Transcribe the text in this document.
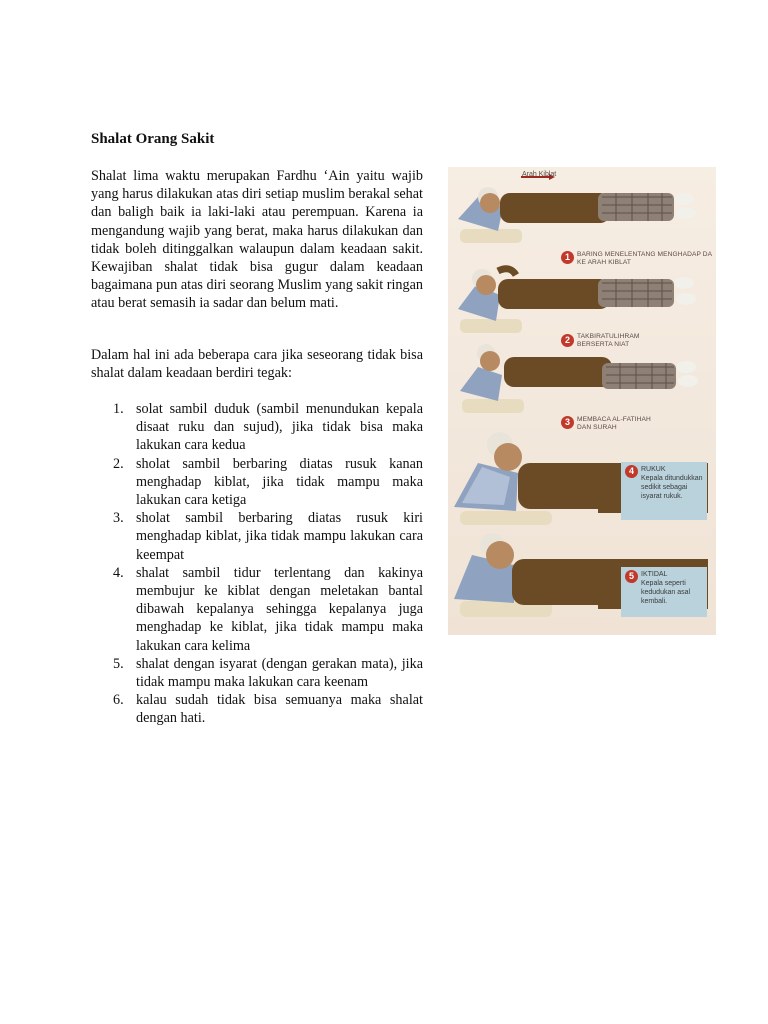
Shalat Orang Sakit

Shalat lima waktu merupakan Fardhu ‘Ain yaitu wajib yang harus dilakukan atas diri setiap muslim berakal sehat dan baligh baik ia laki-laki atau perempuan. Karena ia mengandung wajib yang berat, maka harus dilakukan dan tidak boleh ditinggalkan walaupun dalam keadaan sakit. Kewajiban shalat tidak bisa gugur dalam keadaan bagaimana pun atas diri seorang Muslim yang sakit ringan atau berat semasih ia sadar dan belum mati.

Dalam hal ini ada beberapa cara jika seseorang tidak bisa shalat dalam keadaan berdiri tegak:

1. solat sambil duduk (sambil menundukan kepala disaat ruku dan sujud), jika tidak bisa maka lakukan cara kedua
2. sholat sambil berbaring diatas rusuk kanan menghadap kiblat, jika tidak mampu maka lakukan cara ketiga
3. sholat sambil berbaring diatas rusuk kiri menghadap kiblat, jika tidak mampu lakukan cara keempat
4. shalat sambil tidur terlentang dan kakinya membujur ke kiblat dengan meletakan bantal dibawah kepalanya sehingga kepalanya juga menghadap ke kiblat, jika tidak mampu maka lakukan cara kelima
5. shalat dengan isyarat (dengan gerakan mata), jika tidak mampu maka lakukan cara keenam
6. kalau sudah tidak bisa semuanya maka shalat dengan hati.
Arah Kiblat
1	BARING MENELENTANG MENGHADAP DA
KE ARAH KIBLAT
2	TAKBIRATULIHRAM
BERSERTA NIAT
3	MEMBACA AL-FATIHAH
DAN SURAH
4	RUKUK
Kepala ditundukkan sedikit sebagai isyarat rukuk.
5	IKTIDAL
Kepala seperti kedudukan asal kembali.
